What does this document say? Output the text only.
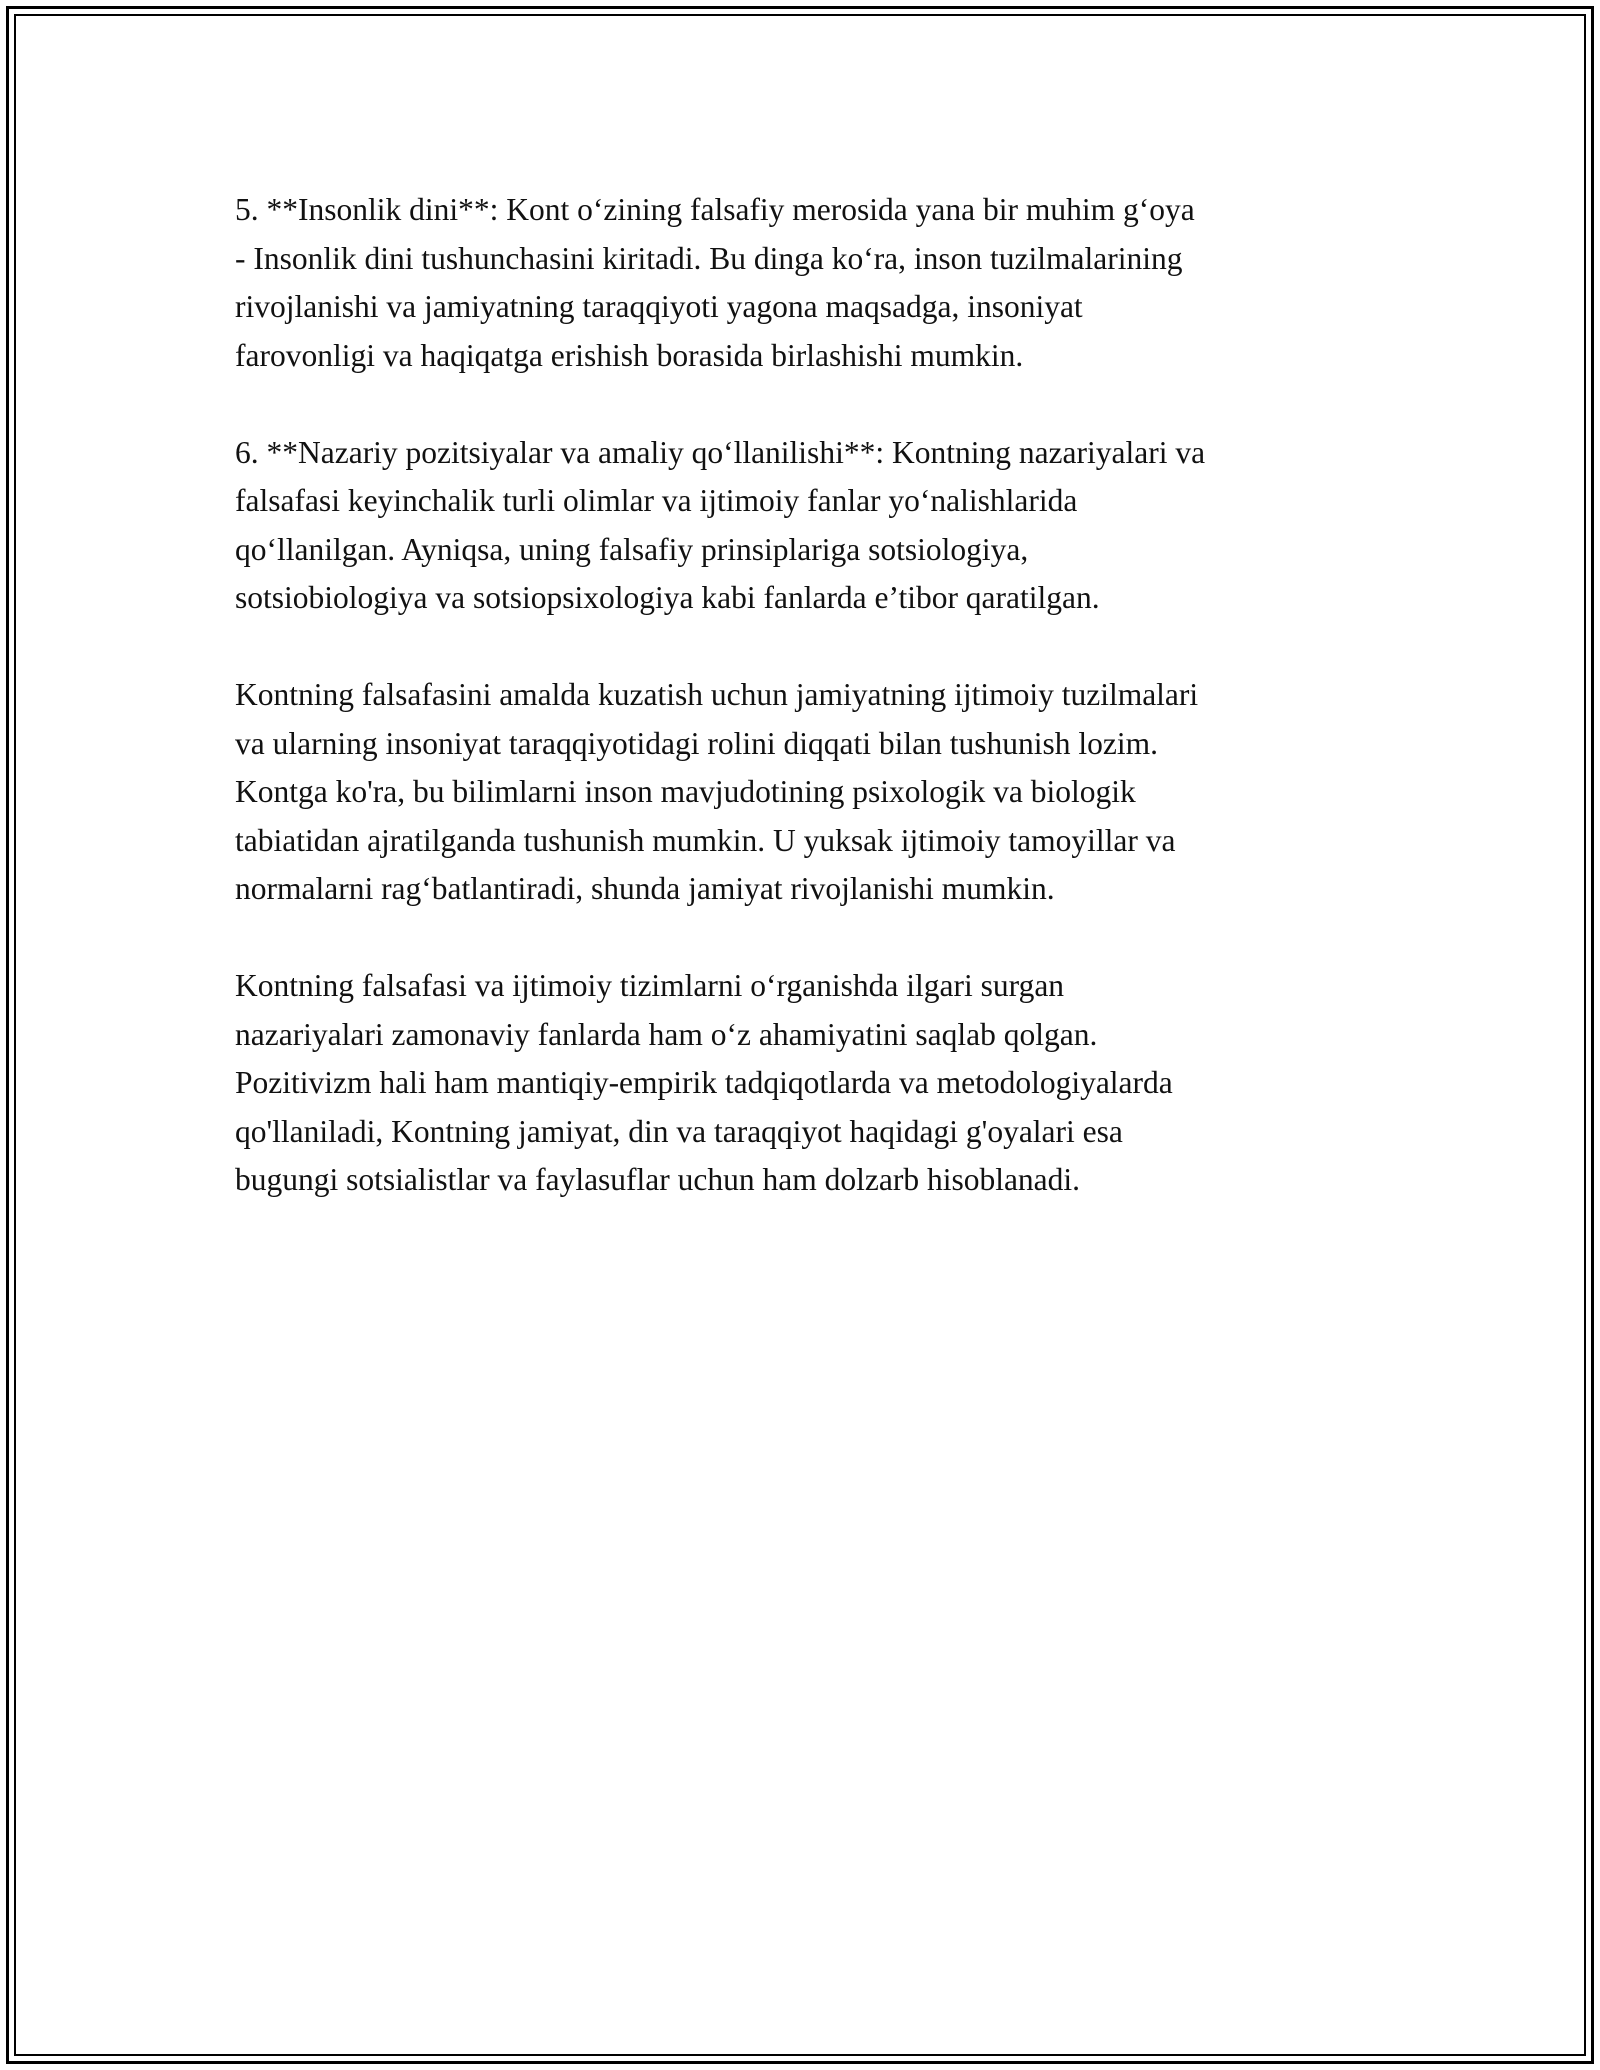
5. **Insonlik dini**: Kont oʻzining falsafiy merosida yana bir muhim gʻoya
- Insonlik dini tushunchasini kiritadi. Bu dinga koʻra, inson tuzilmalarining
rivojlanishi va jamiyatning taraqqiyoti yagona maqsadga, insoniyat
farovonligi va haqiqatga erishish borasida birlashishi mumkin.

6. **Nazariy pozitsiyalar va amaliy qoʻllanilishi**: Kontning nazariyalari va
falsafasi keyinchalik turli olimlar va ijtimoiy fanlar yoʻnalishlarida
qoʻllanilgan. Ayniqsa, uning falsafiy prinsiplariga sotsiologiya,
sotsiobiologiya va sotsiopsixologiya kabi fanlarda e’tibor qaratilgan.

Kontning falsafasini amalda kuzatish uchun jamiyatning ijtimoiy tuzilmalari
va ularning insoniyat taraqqiyotidagi rolini diqqati bilan tushunish lozim.
Kontga ko'ra, bu bilimlarni inson mavjudotining psixologik va biologik
tabiatidan ajratilganda tushunish mumkin. U yuksak ijtimoiy tamoyillar va
normalarni ragʻbatlantiradi, shunda jamiyat rivojlanishi mumkin.

Kontning falsafasi va ijtimoiy tizimlarni oʻrganishda ilgari surgan
nazariyalari zamonaviy fanlarda ham oʻz ahamiyatini saqlab qolgan.
Pozitivizm hali ham mantiqiy-empirik tadqiqotlarda va metodologiyalarda
qo'llaniladi, Kontning jamiyat, din va taraqqiyot haqidagi g'oyalari esa
bugungi sotsialistlar va faylasuflar uchun ham dolzarb hisoblanadi.
